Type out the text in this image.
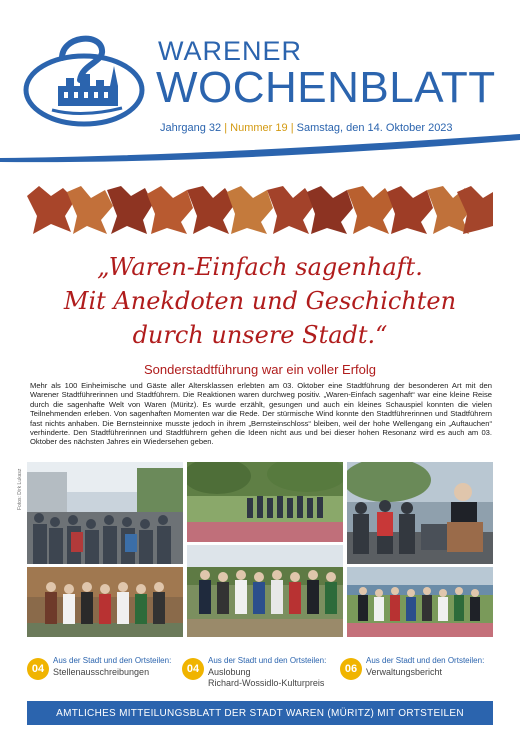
WARENER
WOCHENBLATT
Jahrgang 32 | Nummer 19 | Samstag, den 14. Oktober 2023
„Waren-Einfach sagenhaft.
Mit Anekdoten und Geschichten
durch unsere Stadt.“
Sonderstadtführung war ein voller Erfolg
Mehr als 100 Einheimische und Gäste aller Altersklassen erlebten am 03. Oktober eine Stadtführung der besonderen Art mit den Warener Stadtführerinnen und Stadtführern. Die Reaktionen waren durchweg positiv. „Waren-Einfach sagenhaft“ war eine kleine Reise durch die sagenhafte Welt von Waren (Müritz). Es wurde erzählt, gesungen und auch ein kleines Schauspiel konnten die vielen Teilnehmenden erleben. Von sagenhaften Momenten war die Rede. Der stürmische Wind konnte den Stadtführerinnen und Stadtführern fast nichts anhaben. Die Bernsteinnixe musste jedoch in ihrem „Bernsteinschloss“ bleiben, weil der hohe Wellengang ein „Auftauchen“ verhinderte. Den Stadtführerinnen und Stadtführern gehen die Ideen nicht aus und bei dieser hohen Resonanz wird es auch am 03. Oktober des nächsten Jahres ein Wiedersehen geben.
Fotos: Dirk Lukasz
04
Aus der Stadt und den Ortsteilen:
Stellenausschreibungen	04
Aus der Stadt und den Ortsteilen:
Auslobung
Richard-Wossidlo-Kulturpreis
06
Aus der Stadt und den Ortsteilen:
Verwaltungsbericht
AMTLICHES MITTEILUNGSBLATT DER STADT WAREN (MÜRITZ) MIT ORTSTEILEN
